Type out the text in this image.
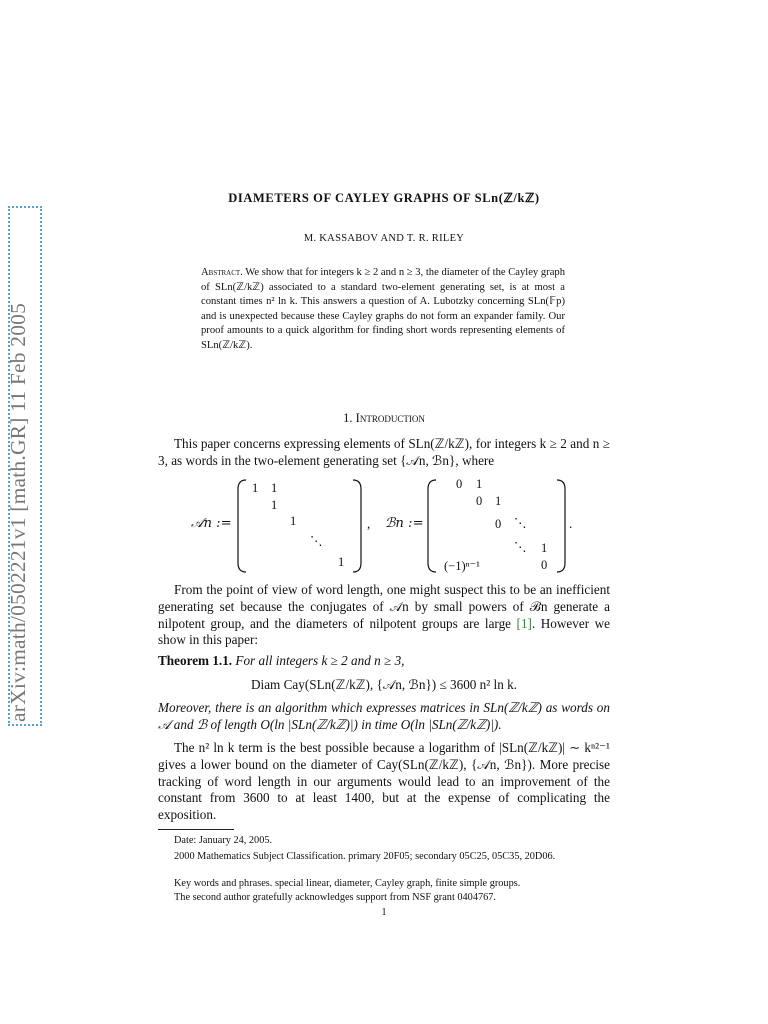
arXiv:math/0502221v1 [math.GR] 11 Feb 2005
DIAMETERS OF CAYLEY GRAPHS OF SLn(ℤ/kℤ)
M. KASSABOV AND T. R. RILEY
Abstract. We show that for integers k ≥ 2 and n ≥ 3, the diameter of the Cayley graph of SLn(ℤ/kℤ) associated to a standard two-element generating set, is at most a constant times n² ln k. This answers a question of A. Lubotzky concerning SLn(𝔽p) and is unexpected because these Cayley graphs do not form an expander family. Our proof amounts to a quick algorithm for finding short words representing elements of SLn(ℤ/kℤ).
1. Introduction
This paper concerns expressing elements of SLn(ℤ/kℤ), for integers k ≥ 2 and n ≥ 3, as words in the two-element generating set {𝒜n, ℬn}, where
𝒜n :=
1 1
1
1
⋱
1
, ℬn :=
0 1
0 1
0 ⋱
⋱ 1
(−1)ⁿ⁻¹	0
.
From the point of view of word length, one might suspect this to be an inefficient generating set because the conjugates of 𝒜n by small powers of ℬn generate a nilpotent group, and the diameters of nilpotent groups are large [1]. However we show in this paper:
Theorem 1.1. For all integers k ≥ 2 and n ≥ 3,
Diam Cay(SLn(ℤ/kℤ), {𝒜n, ℬn}) ≤ 3600 n² ln k.
Moreover, there is an algorithm which expresses matrices in SLn(ℤ/kℤ) as words on 𝒜 and ℬ of length O(ln |SLn(ℤ/kℤ)|) in time O(ln |SLn(ℤ/kℤ)|).
The n² ln k term is the best possible because a logarithm of |SLn(ℤ/kℤ)| ∼ kⁿ²⁻¹ gives a lower bound on the diameter of Cay(SLn(ℤ/kℤ), {𝒜n, ℬn}). More precise tracking of word length in our arguments would lead to an improvement of the constant from 3600 to at least 1400, but at the expense of complicating the exposition.
Date: January 24, 2005.
2000 Mathematics Subject Classification. primary 20F05; secondary 05C25, 05C35, 20D06.
Key words and phrases. special linear, diameter, Cayley graph, finite simple groups.
The second author gratefully acknowledges support from NSF grant 0404767.
1
